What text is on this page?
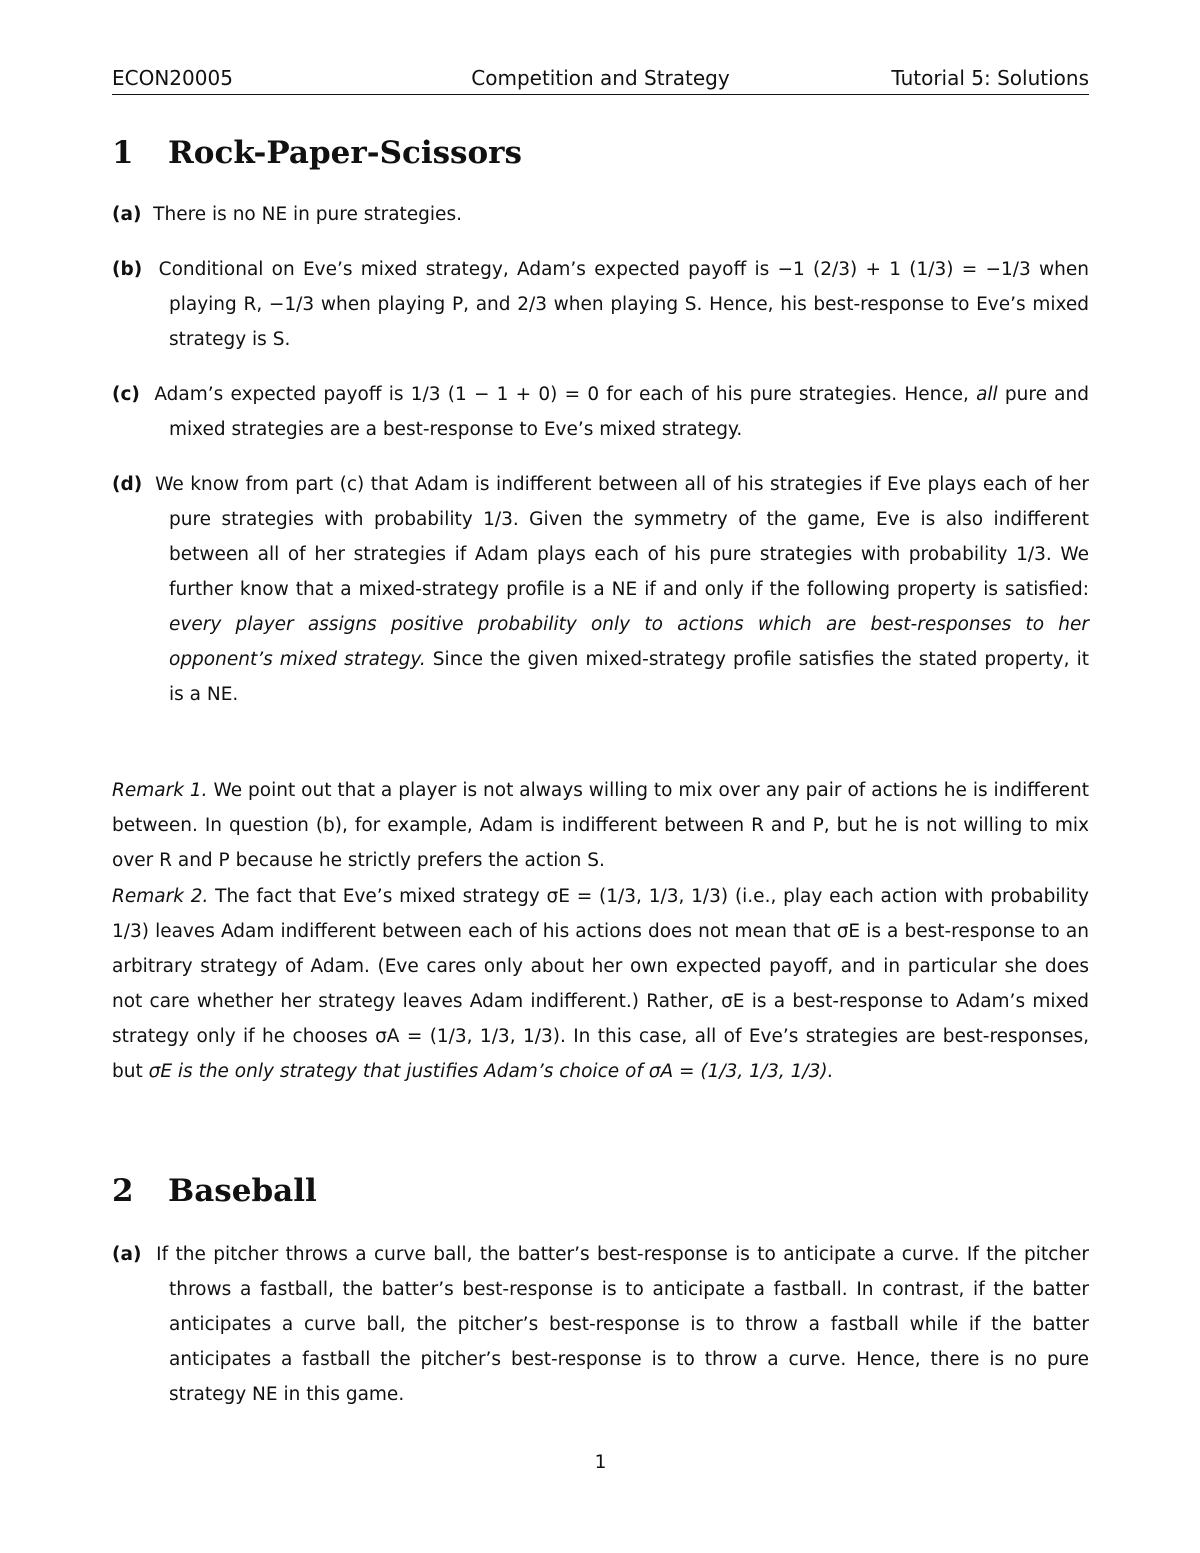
ECON20005	Competition and Strategy	Tutorial 5: Solutions
1 Rock-Paper-Scissors
(a) There is no NE in pure strategies.
(b) Conditional on Eve’s mixed strategy, Adam’s expected payoff is −1 (2/3) + 1 (1/3) = −1/3 when playing R, −1/3 when playing P, and 2/3 when playing S. Hence, his best-response to Eve’s mixed strategy is S.
(c) Adam’s expected payoff is 1/3 (1 − 1 + 0) = 0 for each of his pure strategies. Hence, all pure and mixed strategies are a best-response to Eve’s mixed strategy.
(d) We know from part (c) that Adam is indifferent between all of his strategies if Eve plays each of her pure strategies with probability 1/3. Given the symmetry of the game, Eve is also indifferent between all of her strategies if Adam plays each of his pure strategies with probability 1/3. We further know that a mixed-strategy profile is a NE if and only if the following property is satisfied: every player assigns positive probability only to actions which are best-responses to her opponent’s mixed strategy. Since the given mixed-strategy profile satisfies the stated property, it is a NE.
Remark 1. We point out that a player is not always willing to mix over any pair of actions he is indifferent between. In question (b), for example, Adam is indifferent between R and P, but he is not willing to mix over R and P because he strictly prefers the action S.
Remark 2. The fact that Eve’s mixed strategy σE = (1/3, 1/3, 1/3) (i.e., play each action with probability 1/3) leaves Adam indifferent between each of his actions does not mean that σE is a best-response to an arbitrary strategy of Adam. (Eve cares only about her own expected payoff, and in particular she does not care whether her strategy leaves Adam indifferent.) Rather, σE is a best-response to Adam’s mixed strategy only if he chooses σA = (1/3, 1/3, 1/3). In this case, all of Eve’s strategies are best-responses, but σE is the only strategy that justifies Adam’s choice of σA = (1/3, 1/3, 1/3).
2 Baseball
(a) If the pitcher throws a curve ball, the batter’s best-response is to anticipate a curve. If the pitcher throws a fastball, the batter’s best-response is to anticipate a fastball. In contrast, if the batter anticipates a curve ball, the pitcher’s best-response is to throw a fastball while if the batter anticipates a fastball the pitcher’s best-response is to throw a curve. Hence, there is no pure strategy NE in this game.
1
